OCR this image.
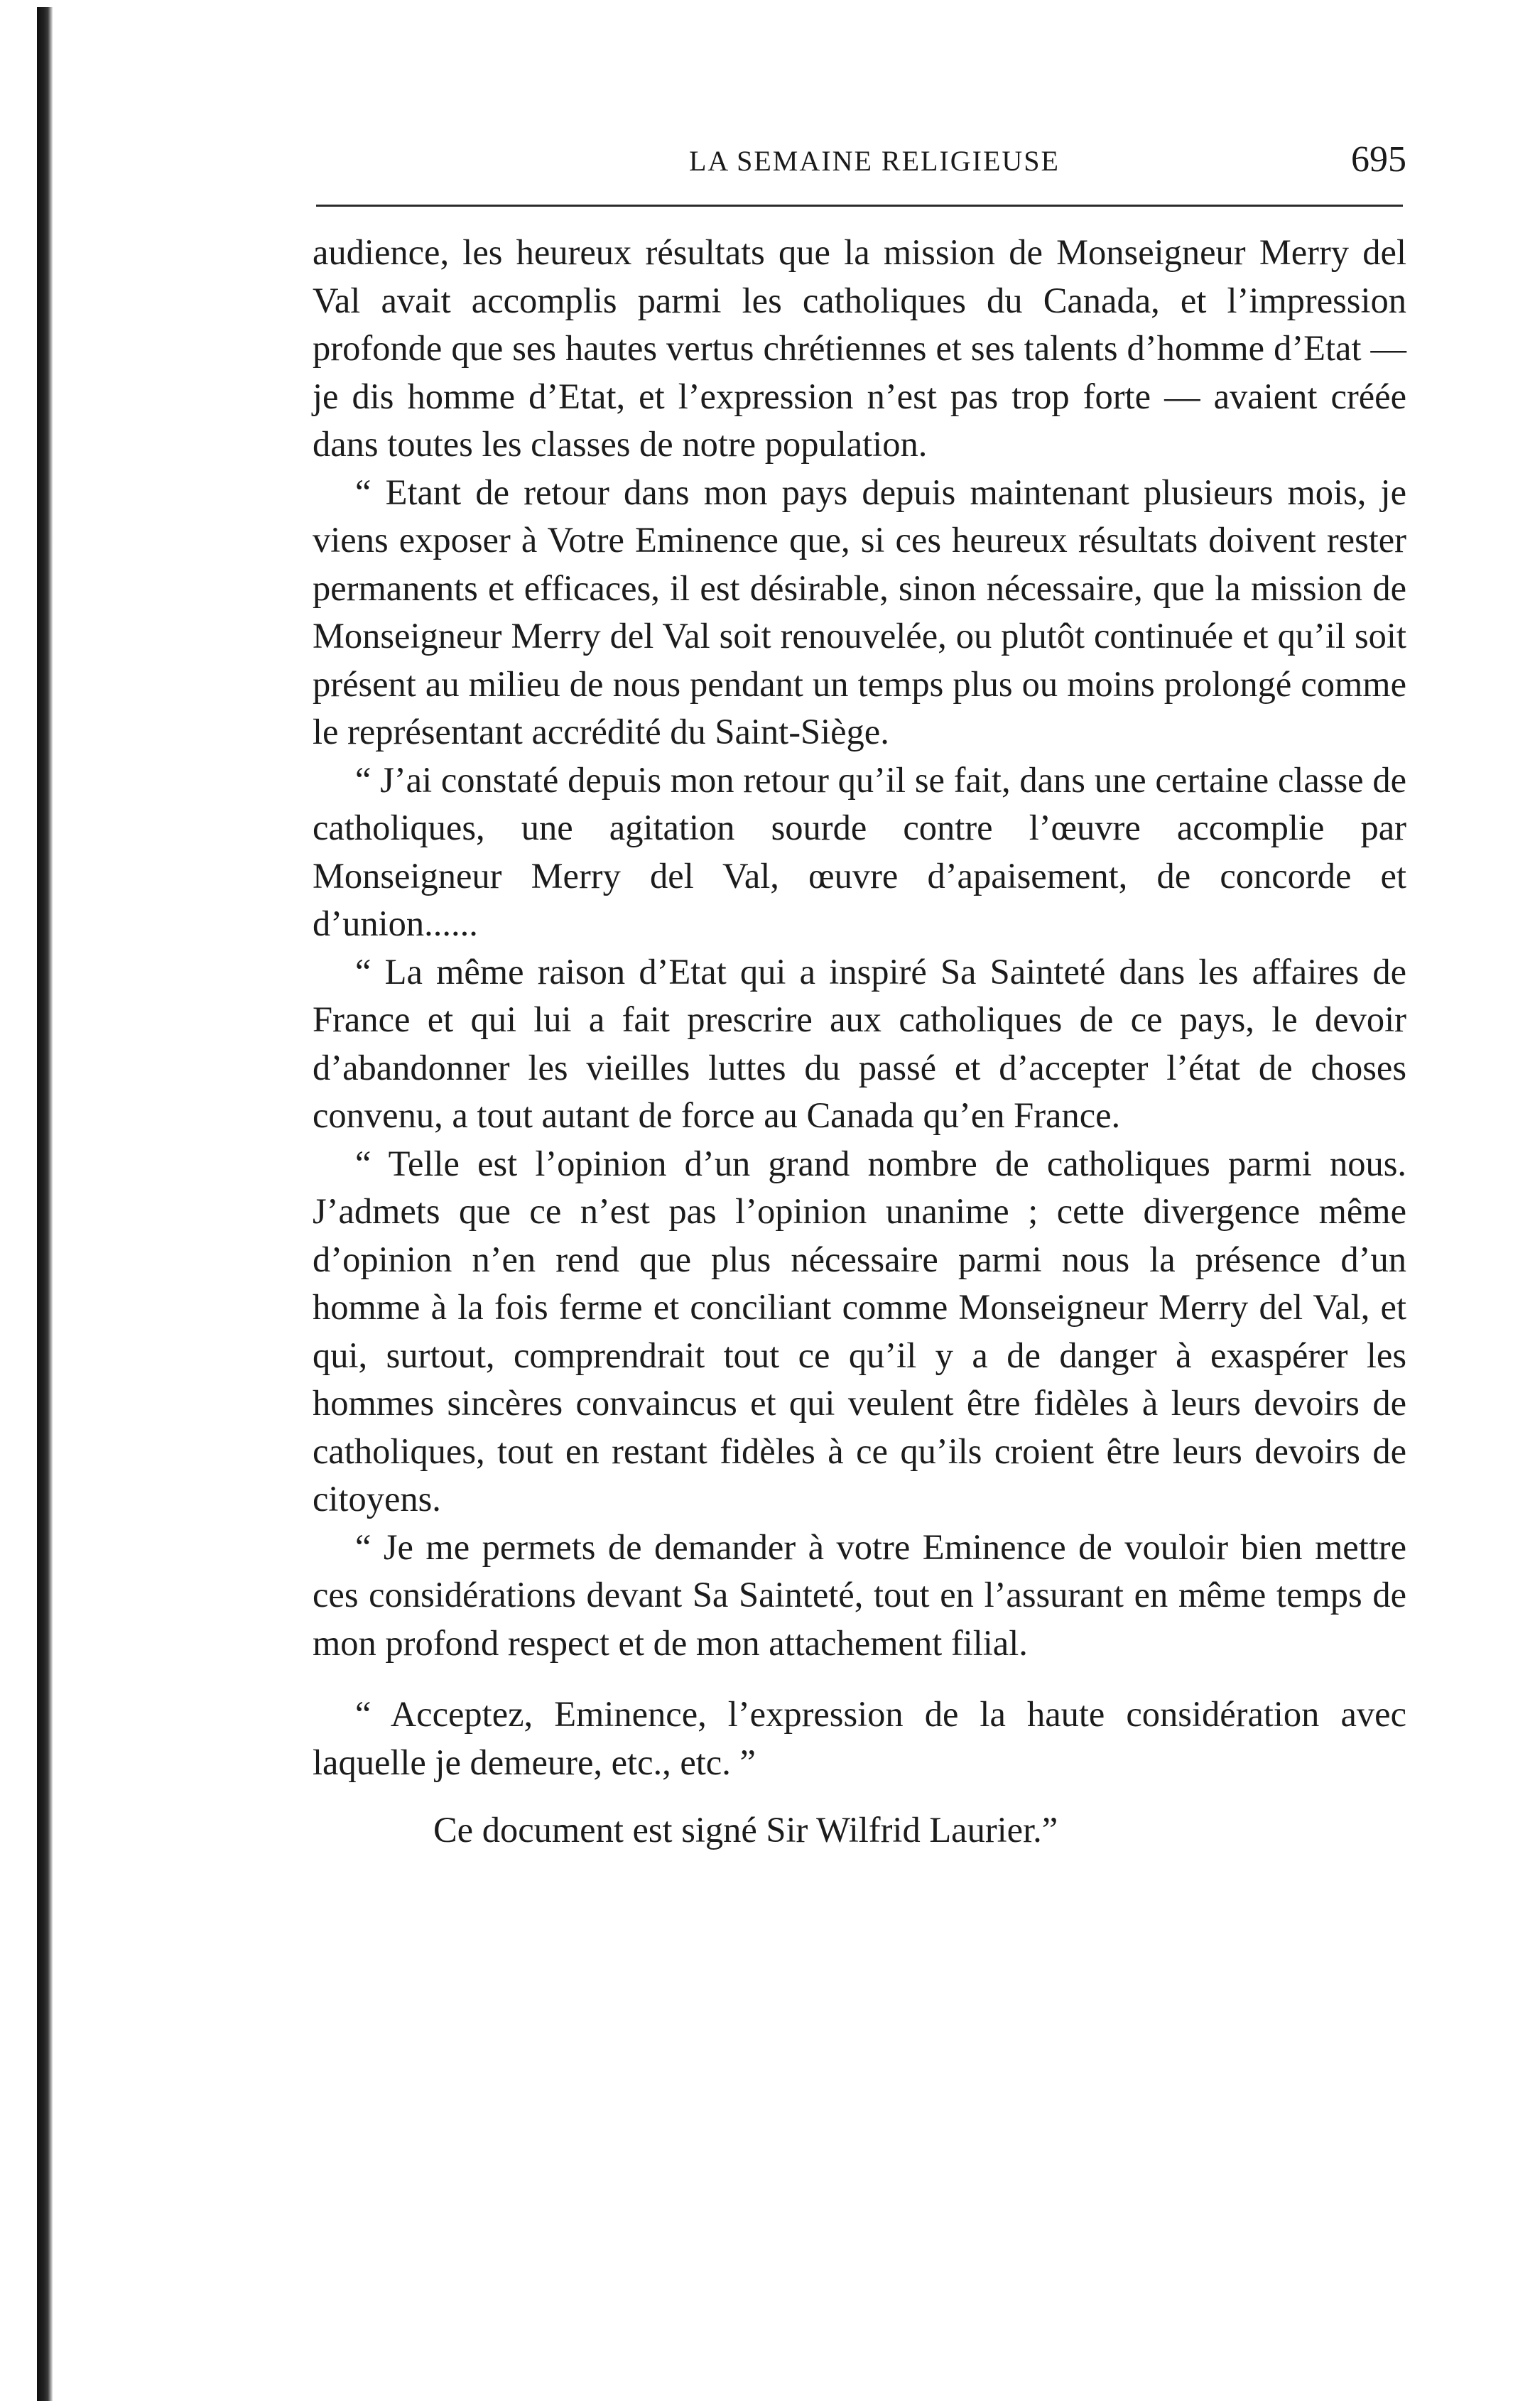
LA SEMAINE RELIGIEUSE	695

audience, les heureux résultats que la mission de Monseigneur Merry del Val avait accomplis parmi les catholiques du Canada, et l’impression profonde que ses hautes vertus chrétiennes et ses talents d’homme d’Etat — je dis homme d’Etat, et l’expression n’est pas trop forte — avaient créée dans toutes les classes de notre population.

“ Etant de retour dans mon pays depuis maintenant plusieurs mois, je viens exposer à Votre Eminence que, si ces heureux résultats doivent rester permanents et efficaces, il est désirable, sinon nécessaire, que la mission de Monseigneur Merry del Val soit renouvelée, ou plutôt continuée et qu’il soit présent au milieu de nous pendant un temps plus ou moins prolongé comme le représentant accrédité du Saint-Siège.

“ J’ai constaté depuis mon retour qu’il se fait, dans une certaine classe de catholiques, une agitation sourde contre l’œuvre accomplie par Monseigneur Merry del Val, œuvre d’apaisement, de concorde et d’union......

“ La même raison d’Etat qui a inspiré Sa Sainteté dans les affaires de France et qui lui a fait prescrire aux catholiques de ce pays, le devoir d’abandonner les vieilles luttes du passé et d’accepter l’état de choses convenu, a tout autant de force au Canada qu’en France.

“ Telle est l’opinion d’un grand nombre de catholiques parmi nous. J’admets que ce n’est pas l’opinion unanime ; cette divergence même d’opinion n’en rend que plus nécessaire parmi nous la présence d’un homme à la fois ferme et conciliant comme Monseigneur Merry del Val, et qui, surtout, comprendrait tout ce qu’il y a de danger à exaspérer les hommes sincères convaincus et qui veulent être fidèles à leurs devoirs de catholiques, tout en restant fidèles à ce qu’ils croient être leurs devoirs de citoyens.

“ Je me permets de demander à votre Eminence de vouloir bien mettre ces considérations devant Sa Sainteté, tout en l’assurant en même temps de mon profond respect et de mon attachement filial.

“ Acceptez, Eminence, l’expression de la haute considération avec laquelle je demeure, etc., etc. ”

Ce document est signé Sir Wilfrid Laurier.”
